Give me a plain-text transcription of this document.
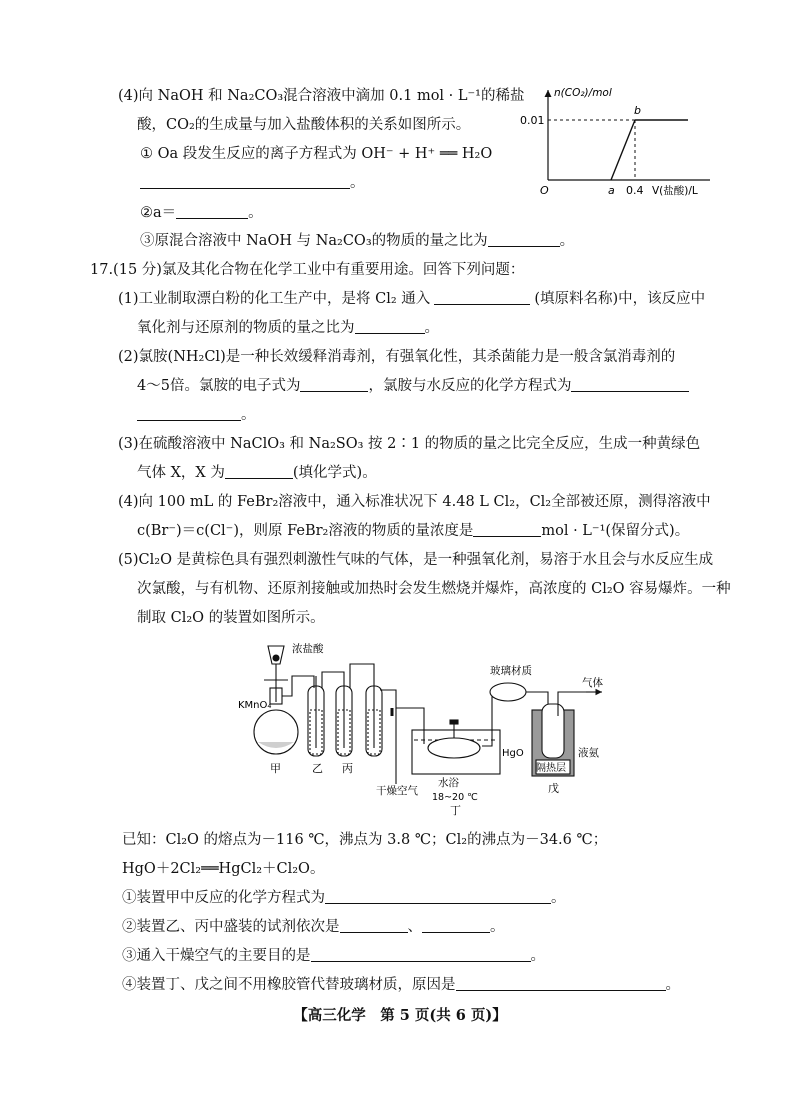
(4)向 NaOH 和 Na₂CO₃混合溶液中滴加 0.1 mol · L⁻¹的稀盐
酸，CO₂的生成量与加入盐酸体积的关系如图所示。
① Oa 段发生反应的离子方程式为 OH⁻ + H⁺ ══ H₂O
。
②a＝	。
③原混合溶液中 NaOH 与 Na₂CO₃的物质的量之比为	。
n(CO₂)/mol
V(盐酸)/L
O
0.01
a 0.4
b
17.(15 分)氯及其化合物在化学工业中有重要用途。回答下列问题：
(1)工业制取漂白粉的化工生产中，是将 Cl₂ 通入	(填原料名称)中，该反应中
氧化剂与还原剂的物质的量之比为	。
(2)氯胺(NH₂Cl)是一种长效缓释消毒剂，有强氧化性，其杀菌能力是一般含氯消毒剂的
4～5倍。氯胺的电子式为	，氯胺与水反应的化学方程式为
。
(3)在硫酸溶液中 NaClO₃ 和 Na₂SO₃ 按 2∶1 的物质的量之比完全反应，生成一种黄绿色
气体 X，X 为	(填化学式)。
(4)向 100 mL 的 FeBr₂溶液中，通入标准状况下 4.48 L Cl₂，Cl₂全部被还原，测得溶液中
c(Br⁻)＝c(Cl⁻)，则原 FeBr₂溶液的物质的量浓度是	mol · L⁻¹(保留分式)。
(5)Cl₂O 是黄棕色具有强烈刺激性气味的气体，是一种强氧化剂，易溶于水且会与水反应生成
次氯酸，与有机物、还原剂接触或加热时会发生燃烧并爆炸，高浓度的 Cl₂O 容易爆炸。一种
制取 Cl₂O 的装置如图所示。
浓盐酸
KMnO₄
甲	乙 丙
干燥空气
水浴
18~20 ℃
丁
HgO
玻璃材质
气体
隔热层
液氨
戊
已知：Cl₂O 的熔点为－116 ℃，沸点为 3.8 ℃；Cl₂的沸点为－34.6 ℃；
HgO＋2Cl₂══HgCl₂＋Cl₂O。
①装置甲中反应的化学方程式为	。
②装置乙、丙中盛装的试剂依次是	、	。
③通入干燥空气的主要目的是	。
④装置丁、戊之间不用橡胶管代替玻璃材质，原因是	。
【高三化学　第 5 页(共 6 页)】
